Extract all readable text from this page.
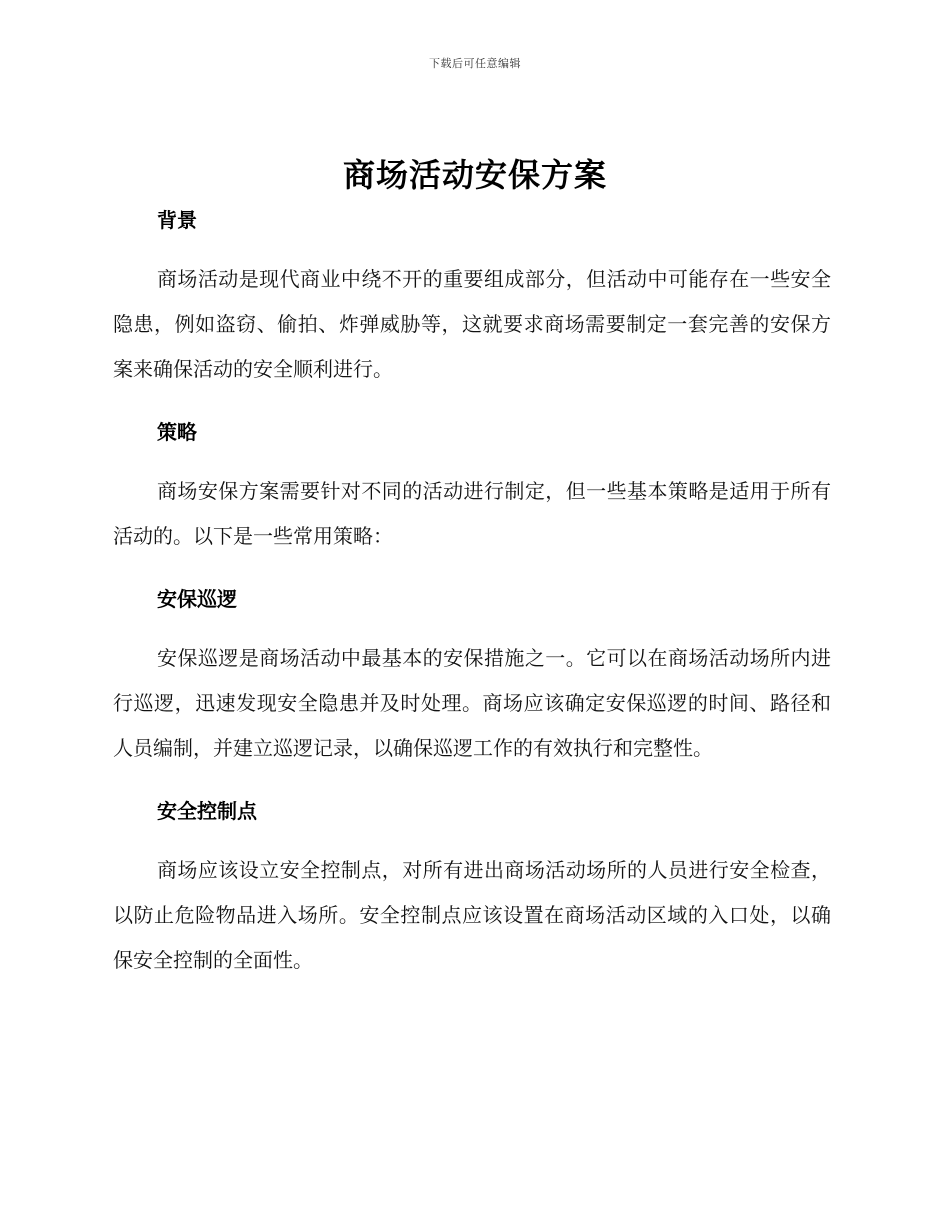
下载后可任意编辑
商场活动安保方案
背景

商场活动是现代商业中绕不开的重要组成部分，但活动中可能存在一些安全隐患，例如盗窃、偷拍、炸弹威胁等，这就要求商场需要制定一套完善的安保方案来确保活动的安全顺利进行。

策略

商场安保方案需要针对不同的活动进行制定，但一些基本策略是适用于所有活动的。以下是一些常用策略：

安保巡逻

安保巡逻是商场活动中最基本的安保措施之一。它可以在商场活动场所内进行巡逻，迅速发现安全隐患并及时处理。商场应该确定安保巡逻的时间、路径和人员编制，并建立巡逻记录，以确保巡逻工作的有效执行和完整性。

安全控制点

商场应该设立安全控制点，对所有进出商场活动场所的人员进行安全检查，以防止危险物品进入场所。安全控制点应该设置在商场活动区域的入口处，以确保安全控制的全面性。
